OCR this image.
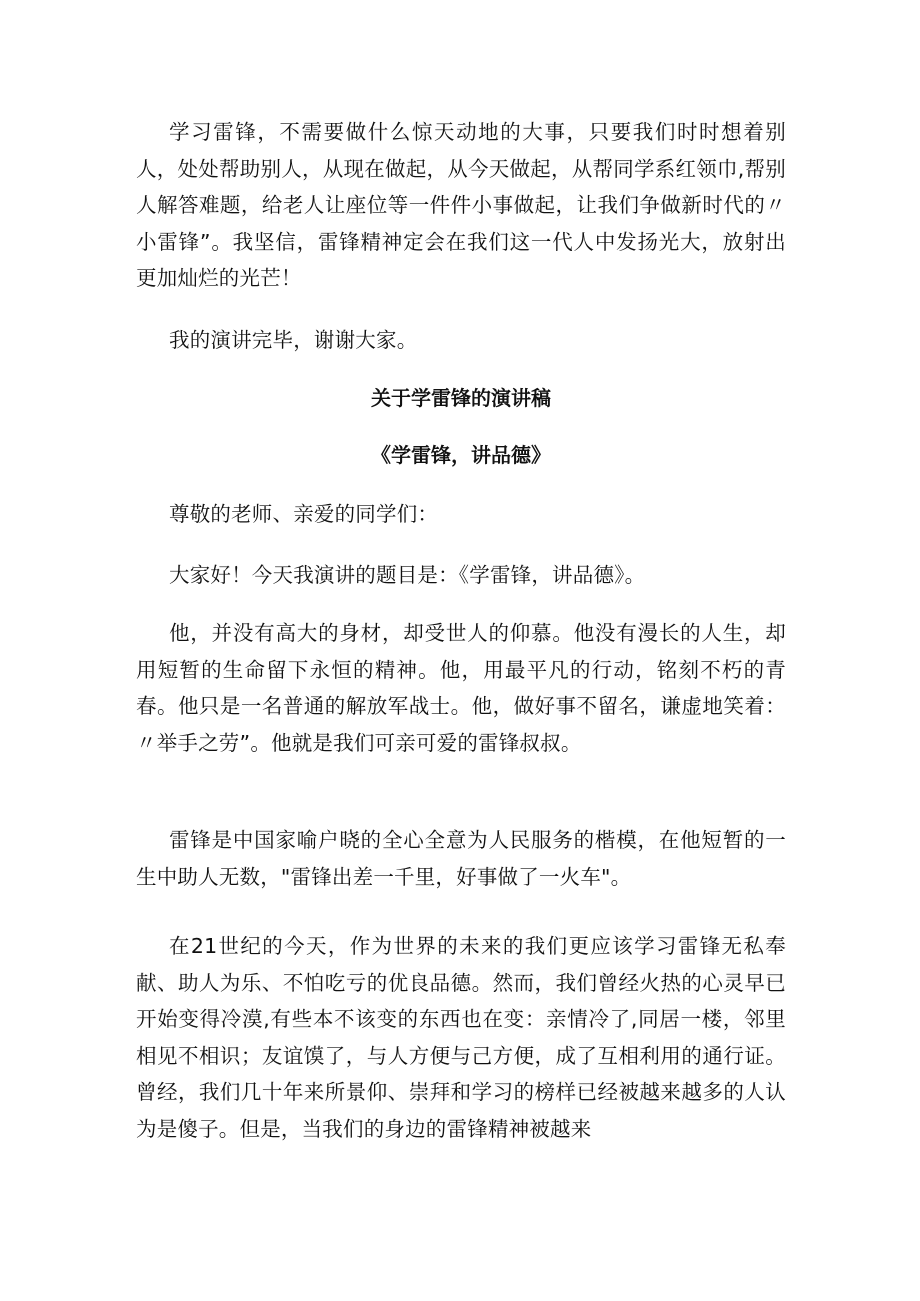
学习雷锋，不需要做什么惊天动地的大事，只要我们时时想着别人，处处帮助别人，从现在做起，从今天做起，从帮同学系红领巾,帮别人解答难题，给老人让座位等一件件小事做起，让我们争做新时代的〃小雷锋”。我坚信，雷锋精神定会在我们这一代人中发扬光大，放射出更加灿烂的光芒！

我的演讲完毕，谢谢大家。

关于学雷锋的演讲稿
《学雷锋，讲品德》

尊敬的老师、亲爱的同学们：

大家好！今天我演讲的题目是：《学雷锋，讲品德》。

他，并没有高大的身材，却受世人的仰慕。他没有漫长的人生，却用短暂的生命留下永恒的精神。他，用最平凡的行动，铭刻不朽的青春。他只是一名普通的解放军战士。他，做好事不留名，谦虚地笑着：〃举手之劳”。他就是我们可亲可爱的雷锋叔叔。

雷锋是中国家喻户晓的全心全意为人民服务的楷模，在他短暂的一生中助人无数，"雷锋出差一千里，好事做了一火车"。

在21世纪的今天，作为世界的未来的我们更应该学习雷锋无私奉献、助人为乐、不怕吃亏的优良品德。然而，我们曾经火热的心灵早已开始变得冷漠,有些本不该变的东西也在变：亲情冷了,同居一楼，邻里相见不相识；友谊馍了，与人方便与己方便，成了互相利用的通行证。曾经，我们几十年来所景仰、崇拜和学习的榜样已经被越来越多的人认为是傻子。但是，当我们的身边的雷锋精神被越来
